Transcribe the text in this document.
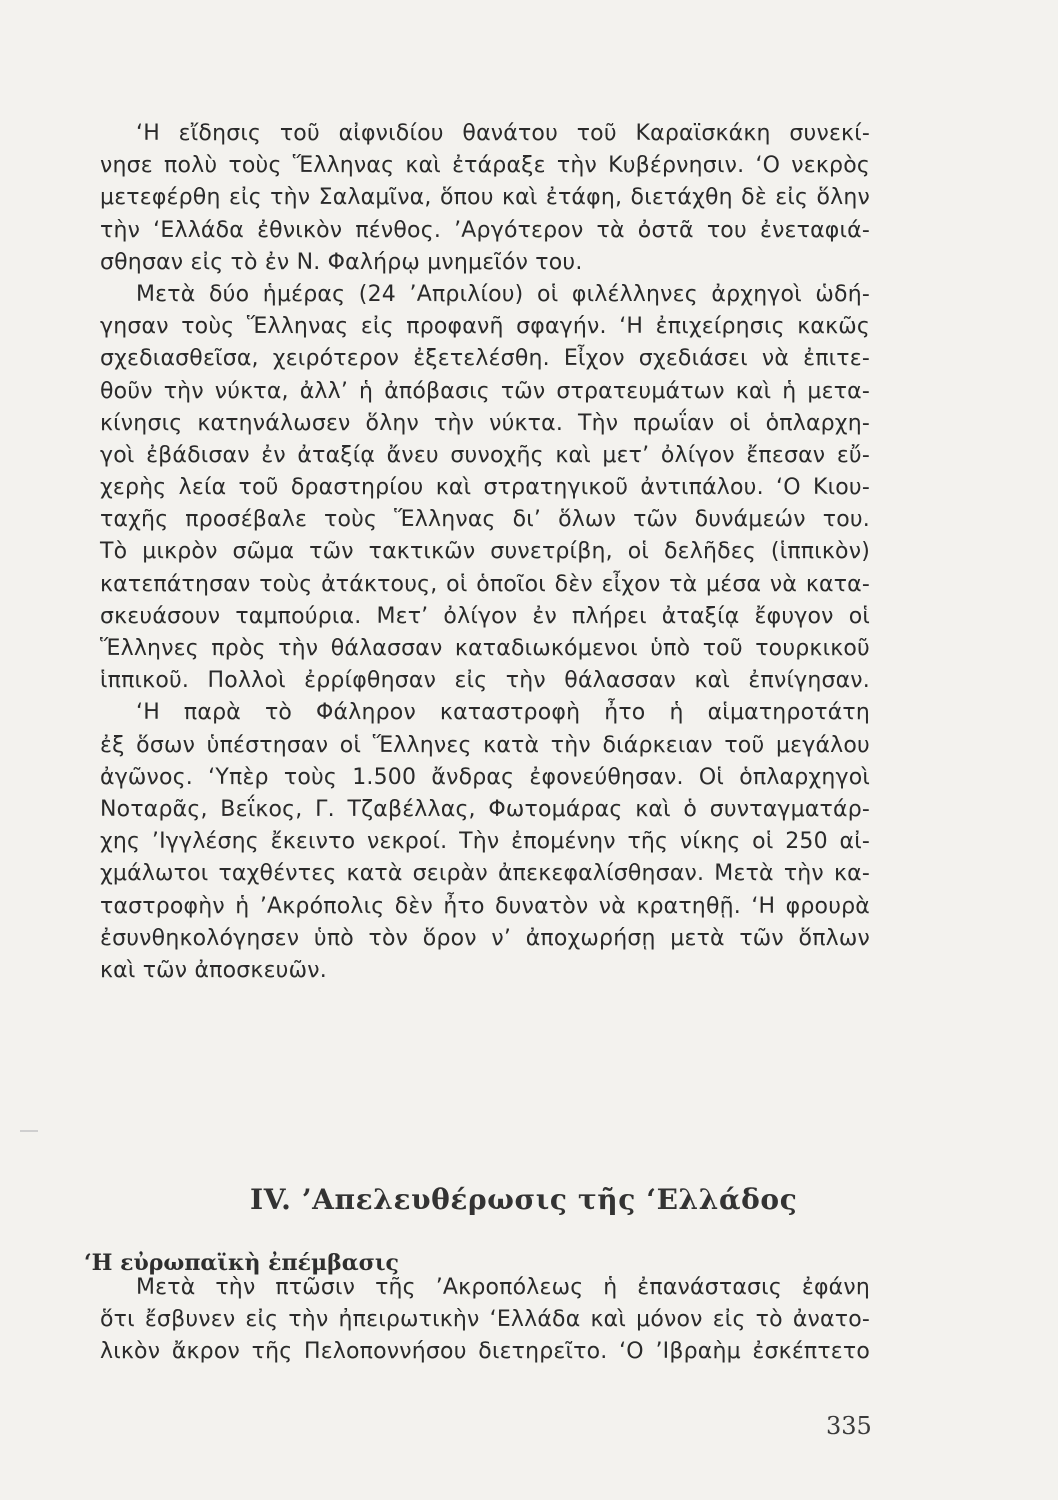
‘Η εἴδησις τοῦ αἰφνιδίου θανάτου τοῦ Καραϊσκάκη συνεκί-

νησε πολὺ τοὺς Ἕλληνας καὶ ἐτάραξε τὴν Κυβέρνησιν. ‘Ο νεκρὸς

μετεφέρθη εἰς τὴν Σαλαμῖνα, ὅπου καὶ ἐτάφη, διετάχθη δὲ εἰς ὅλην

τὴν ‘Ελλάδα ἐθνικὸν πένθος. ’Αργότερον τὰ ὀστᾶ του ἐνεταφιά-

σθησαν εἰς τὸ ἐν Ν. Φαλήρῳ μνημεῖόν του.

Μετὰ δύο ἡμέρας (24 ’Απριλίου) οἱ φιλέλληνες ἀρχηγοὶ ὡδή-

γησαν τοὺς Ἕλληνας εἰς προφανῆ σφαγήν. ‘Η ἐπιχείρησις κακῶς

σχεδιασθεῖσα, χειρότερον ἐξετελέσθη. Εἶχον σχεδιάσει νὰ ἐπιτε-

θοῦν τὴν νύκτα, ἀλλ’ ἡ ἀπόβασις τῶν στρατευμάτων καὶ ἡ μετα-

κίνησις κατηνάλωσεν ὅλην τὴν νύκτα. Τὴν πρωΐαν οἱ ὁπλαρχη-

γοὶ ἐβάδισαν ἐν ἀταξίᾳ ἄνευ συνοχῆς καὶ μετ’ ὀλίγον ἔπεσαν εὔ-

χερὴς λεία τοῦ δραστηρίου καὶ στρατηγικοῦ ἀντιπάλου. ‘Ο Κιου-

ταχῆς προσέβαλε τοὺς Ἕλληνας δι’ ὅλων τῶν δυνάμεών του.

Τὸ μικρὸν σῶμα τῶν τακτικῶν συνετρίβη, οἱ δελῆδες (ἱππικὸν)

κατεπάτησαν τοὺς ἀτάκτους, οἱ ὁποῖοι δὲν εἶχον τὰ μέσα νὰ κατα-

σκευάσουν ταμπούρια. Μετ’ ὀλίγον ἐν πλήρει ἀταξίᾳ ἔφυγον οἱ

Ἕλληνες πρὸς τὴν θάλασσαν καταδιωκόμενοι ὑπὸ τοῦ τουρκικοῦ

ἱππικοῦ. Πολλοὶ ἐρρίφθησαν εἰς τὴν θάλασσαν καὶ ἐπνίγησαν.

‘Η παρὰ τὸ Φάληρον καταστροφὴ ἦτο ἡ αἱματηροτάτη

ἐξ ὅσων ὑπέστησαν οἱ Ἕλληνες κατὰ τὴν διάρκειαν τοῦ μεγάλου

ἀγῶνος. ‘Υπὲρ τοὺς 1.500 ἄνδρας ἐφονεύθησαν. Οἱ ὁπλαρχηγοὶ

Νοταρᾶς, Βεΐκος, Γ. Τζαβέλλας, Φωτομάρας καὶ ὁ συνταγματάρ-

χης ’Ιγγλέσης ἔκειντο νεκροί. Τὴν ἐπομένην τῆς νίκης οἱ 250 αἰ-

χμάλωτοι ταχθέντες κατὰ σειρὰν ἀπεκεφαλίσθησαν. Μετὰ τὴν κα-

ταστροφὴν ἡ ’Ακρόπολις δὲν ἦτο δυνατὸν νὰ κρατηθῇ. ‘Η φρουρὰ

ἐσυνθηκολόγησεν ὑπὸ τὸν ὅρον ν’ ἀποχωρήσῃ μετὰ τῶν ὅπλων

καὶ τῶν ἀποσκευῶν.

IV. ’Απελευθέρωσις τῆς ‘Ελλάδος
‘Η εὐρωπαϊκὴ ἐπέμβασις

Μετὰ τὴν πτῶσιν τῆς ’Ακροπόλεως ἡ ἐπανάστασις ἐφάνη

ὅτι ἔσβυνεν εἰς τὴν ἠπειρωτικὴν ‘Ελλάδα καὶ μόνον εἰς τὸ ἀνατο-

λικὸν ἄκρον τῆς Πελοποννήσου διετηρεῖτο. ‘Ο ’Ιβραὴμ ἐσκέπτετο

335
